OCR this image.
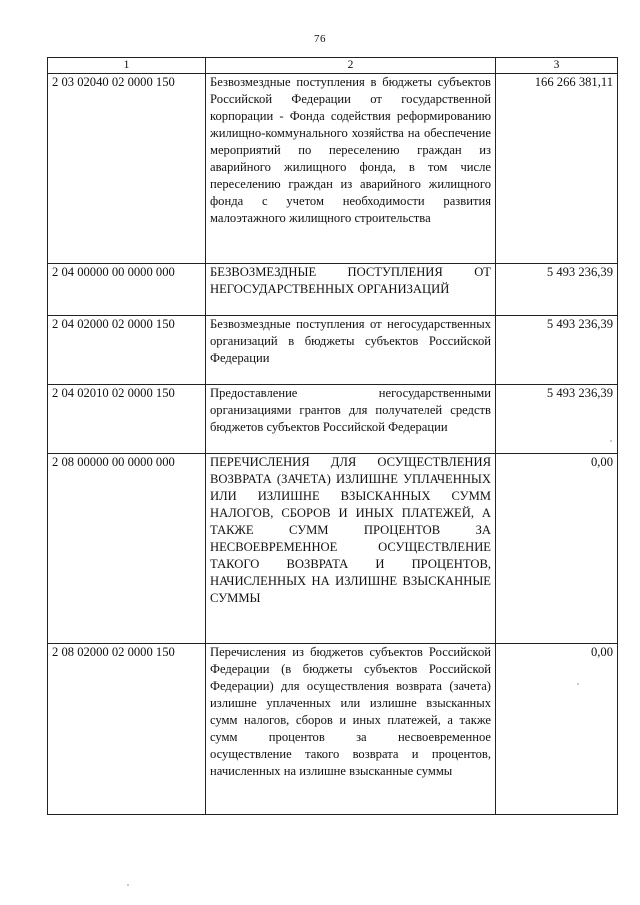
76
1	2	3
2 03 02040 02 0000 150	Безвозмездные поступления в бюджеты субъектов Российской Федерации от государственной корпорации - Фонда содействия реформированию жилищно-коммунального хозяйства на обеспечение мероприятий по переселению граждан из аварийного жилищного фонда, в том числе переселению граждан из аварийного жилищного фонда с учетом необходимости развития малоэтажного жилищного строительства	166 266 381,11
2 04 00000 00 0000 000	БЕЗВОЗМЕЗДНЫЕ ПОСТУПЛЕНИЯ ОТ НЕГОСУДАРСТВЕННЫХ ОРГАНИЗАЦИЙ	5 493 236,39
2 04 02000 02 0000 150	Безвозмездные поступления от негосударственных организаций в бюджеты субъектов Российской Федерации	5 493 236,39
2 04 02010 02 0000 150	Предоставление негосударственными организациями грантов для получателей средств бюджетов субъектов Российской Федерации	5 493 236,39
2 08 00000 00 0000 000	ПЕРЕЧИСЛЕНИЯ ДЛЯ ОСУЩЕСТВЛЕНИЯ ВОЗВРАТА (ЗАЧЕТА) ИЗЛИШНЕ УПЛАЧЕННЫХ ИЛИ ИЗЛИШНЕ ВЗЫСКАННЫХ СУММ НАЛОГОВ, СБОРОВ И ИНЫХ ПЛАТЕЖЕЙ, А ТАКЖЕ СУММ ПРОЦЕНТОВ ЗА НЕСВОЕВРЕМЕННОЕ ОСУЩЕСТВЛЕНИЕ ТАКОГО ВОЗВРАТА И ПРОЦЕНТОВ, НАЧИСЛЕННЫХ НА ИЗЛИШНЕ ВЗЫСКАННЫЕ СУММЫ	0,00
2 08 02000 02 0000 150	Перечисления из бюджетов субъектов Российской Федерации (в бюджеты субъектов Российской Федерации) для осуществления возврата (зачета) излишне уплаченных или излишне взысканных сумм налогов, сборов и иных платежей, а также сумм процентов за несвоевременное осуществление такого возврата и процентов, начисленных на излишне взысканные суммы	0,00
